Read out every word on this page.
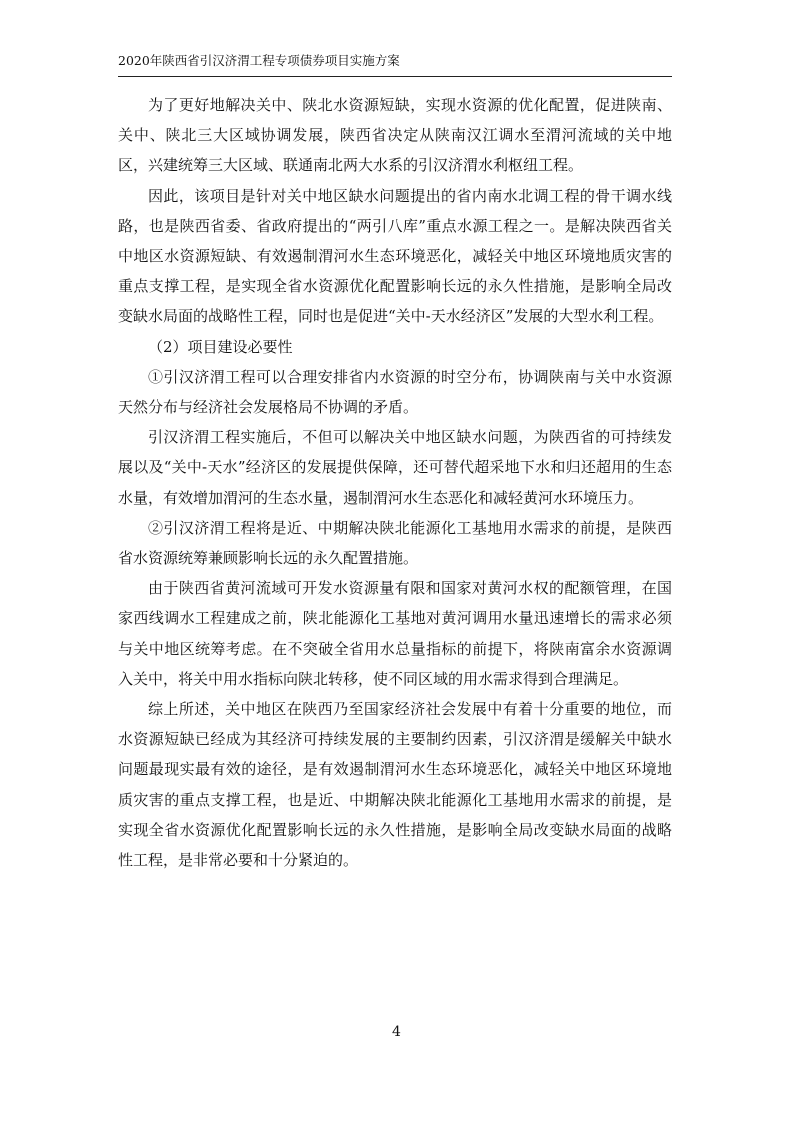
2020年陕西省引汉济渭工程专项债券项目实施方案

为了更好地解决关中、陕北水资源短缺，实现水资源的优化配置，促进陕南、关中、陕北三大区域协调发展，陕西省决定从陕南汉江调水至渭河流域的关中地区，兴建统筹三大区域、联通南北两大水系的引汉济渭水利枢纽工程。

因此，该项目是针对关中地区缺水问题提出的省内南水北调工程的骨干调水线路，也是陕西省委、省政府提出的“两引八库”重点水源工程之一。是解决陕西省关中地区水资源短缺、有效遏制渭河水生态环境恶化，减轻关中地区环境地质灾害的重点支撑工程，是实现全省水资源优化配置影响长远的永久性措施，是影响全局改变缺水局面的战略性工程，同时也是促进“关中-天水经济区”发展的大型水利工程。

（2）项目建设必要性

①引汉济渭工程可以合理安排省内水资源的时空分布，协调陕南与关中水资源天然分布与经济社会发展格局不协调的矛盾。

引汉济渭工程实施后，不但可以解决关中地区缺水问题，为陕西省的可持续发展以及“关中-天水”经济区的发展提供保障，还可替代超采地下水和归还超用的生态水量，有效增加渭河的生态水量，遏制渭河水生态恶化和减轻黄河水环境压力。

②引汉济渭工程将是近、中期解决陕北能源化工基地用水需求的前提，是陕西省水资源统筹兼顾影响长远的永久配置措施。

由于陕西省黄河流域可开发水资源量有限和国家对黄河水权的配额管理，在国家西线调水工程建成之前，陕北能源化工基地对黄河调用水量迅速增长的需求必须与关中地区统筹考虑。在不突破全省用水总量指标的前提下，将陕南富余水资源调入关中，将关中用水指标向陕北转移，使不同区域的用水需求得到合理满足。

综上所述，关中地区在陕西乃至国家经济社会发展中有着十分重要的地位，而水资源短缺已经成为其经济可持续发展的主要制约因素，引汉济渭是缓解关中缺水问题最现实最有效的途径，是有效遏制渭河水生态环境恶化，减轻关中地区环境地质灾害的重点支撑工程，也是近、中期解决陕北能源化工基地用水需求的前提，是实现全省水资源优化配置影响长远的永久性措施，是影响全局改变缺水局面的战略性工程，是非常必要和十分紧迫的。

4
